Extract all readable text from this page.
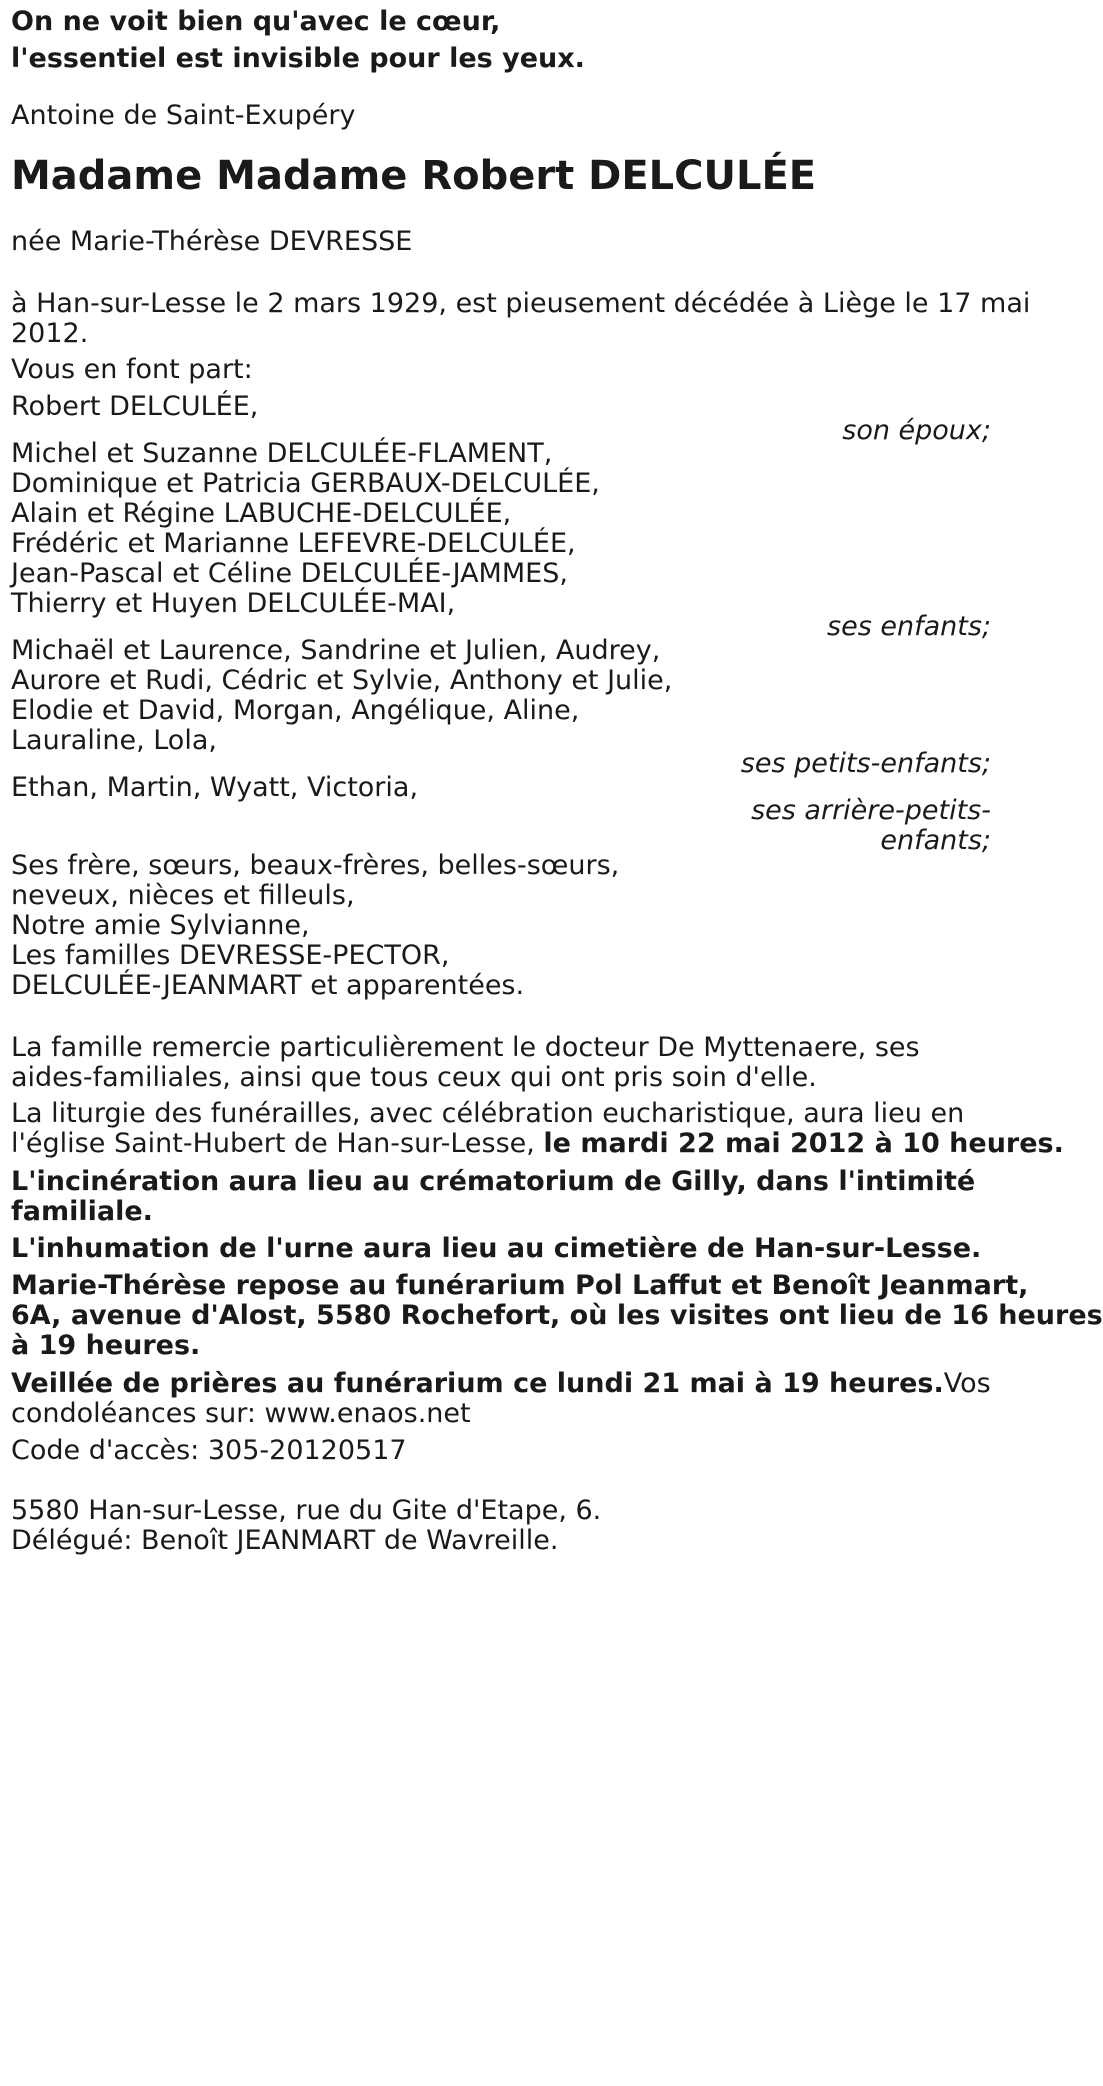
On ne voit bien qu'avec le cœur,
l'essentiel est invisible pour les yeux.
Antoine de Saint-Exupéry
Madame Madame Robert DELCULÉE
née Marie-Thérèse DEVRESSE
à Han-sur-Lesse le 2 mars 1929, est pieusement décédée à Liège le 17 mai
2012.
Vous en font part:
Robert DELCULÉE,
son époux;
Michel et Suzanne DELCULÉE-FLAMENT,
Dominique et Patricia GERBAUX-DELCULÉE,
Alain et Régine LABUCHE-DELCULÉE,
Frédéric et Marianne LEFEVRE-DELCULÉE,
Jean-Pascal et Céline DELCULÉE-JAMMES,
Thierry et Huyen DELCULÉE-MAI,
ses enfants;
Michaël et Laurence, Sandrine et Julien, Audrey,
Aurore et Rudi, Cédric et Sylvie, Anthony et Julie,
Elodie et David, Morgan, Angélique, Aline,
Lauraline, Lola,
ses petits-enfants;
Ethan, Martin, Wyatt, Victoria,
ses arrière-petits-
enfants;
Ses frère, sœurs, beaux-frères, belles-sœurs,
neveux, nièces et filleuls,
Notre amie Sylvianne,
Les familles DEVRESSE-PECTOR,
DELCULÉE-JEANMART et apparentées.
La famille remercie particulièrement le docteur De Myttenaere, ses
aides-familiales, ainsi que tous ceux qui ont pris soin d'elle.
La liturgie des funérailles, avec célébration eucharistique, aura lieu en
l'église Saint-Hubert de Han-sur-Lesse, le mardi 22 mai 2012 à 10 heures.
L'incinération aura lieu au crématorium de Gilly, dans l'intimité
familiale.
L'inhumation de l'urne aura lieu au cimetière de Han-sur-Lesse.
Marie-Thérèse repose au funérarium Pol Laffut et Benoît Jeanmart,
6A, avenue d'Alost, 5580 Rochefort, où les visites ont lieu de 16 heures
à 19 heures.
Veillée de prières au funérarium ce lundi 21 mai à 19 heures.Vos
condoléances sur: www.enaos.net
Code d'accès: 305-20120517
5580 Han-sur-Lesse, rue du Gite d'Etape, 6.
Délégué: Benoît JEANMART de Wavreille.
